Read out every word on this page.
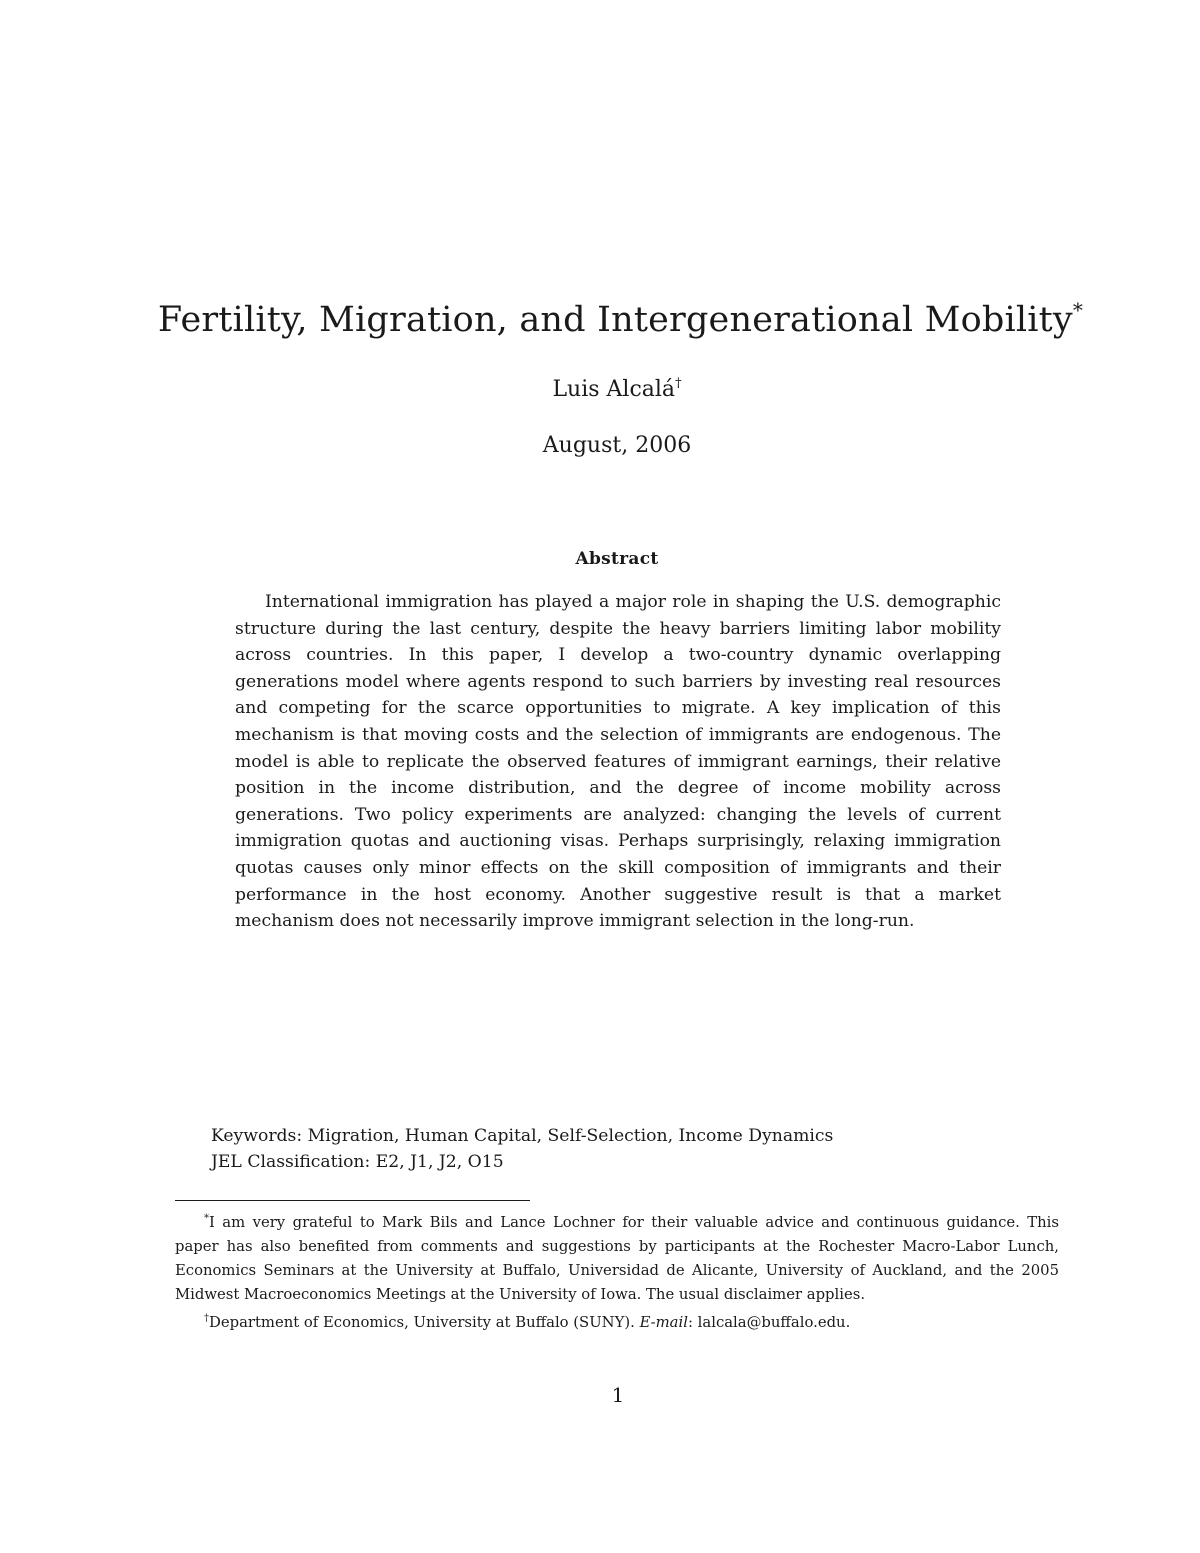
Fertility, Migration, and Intergenerational Mobility*
Luis Alcalá†
August, 2006
Abstract
International immigration has played a major role in shaping the U.S. demographic structure during the last century, despite the heavy barriers limiting labor mobility across countries. In this paper, I develop a two-country dynamic overlapping generations model where agents respond to such barriers by investing real resources and competing for the scarce opportunities to migrate. A key implication of this mechanism is that moving costs and the selection of immigrants are endogenous. The model is able to replicate the observed features of immigrant earnings, their relative position in the income distribution, and the degree of income mobility across generations. Two policy experiments are analyzed: changing the levels of current immigration quotas and auctioning visas. Perhaps surprisingly, relaxing immigration quotas causes only minor effects on the skill composition of immigrants and their performance in the host economy. Another suggestive result is that a market mechanism does not necessarily improve immigrant selection in the long-run.
Keywords: Migration, Human Capital, Self-Selection, Income Dynamics
JEL Classification: E2, J1, J2, O15

*I am very grateful to Mark Bils and Lance Lochner for their valuable advice and continuous guidance. This paper has also benefited from comments and suggestions by participants at the Rochester Macro-Labor Lunch, Economics Seminars at the University at Buffalo, Universidad de Alicante, University of Auckland, and the 2005 Midwest Macroeconomics Meetings at the University of Iowa. The usual disclaimer applies.

†Department of Economics, University at Buffalo (SUNY). E-mail: lalcala@buffalo.edu.

1
